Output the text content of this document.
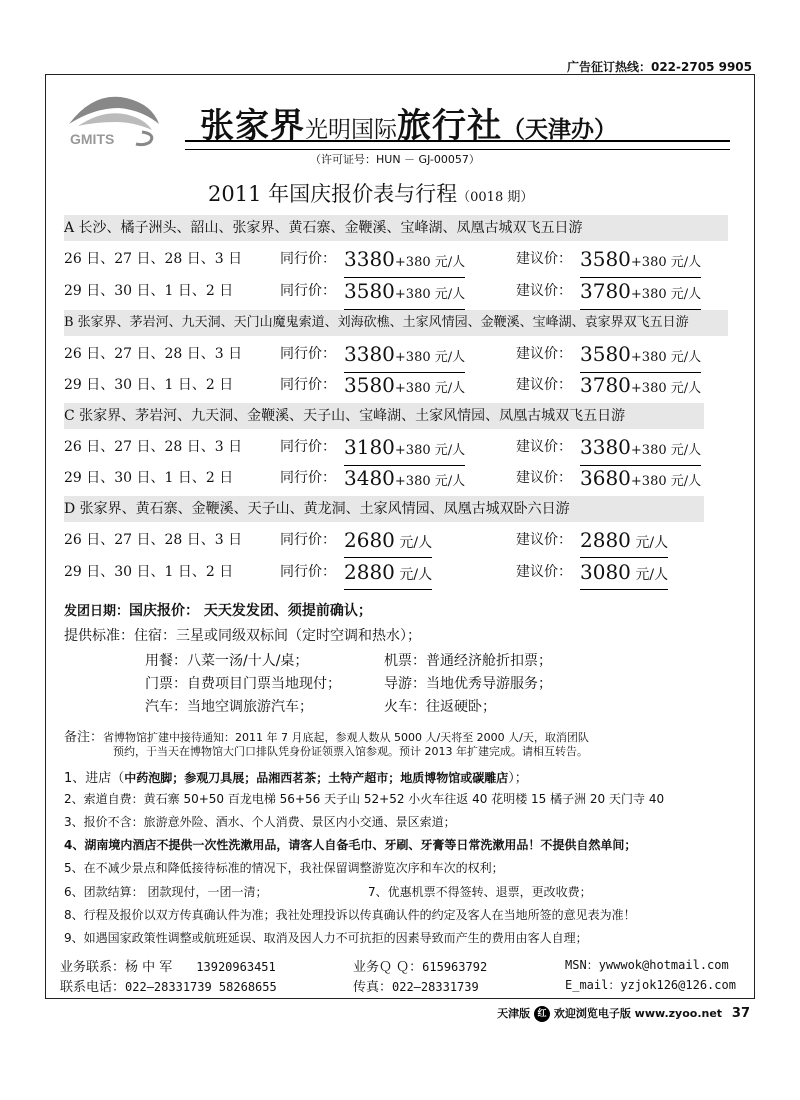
广告征订热线：022-2705 9905
GMITS	张家界光明国际旅行社（天津办）
（许可证号：HUN － GJ-00057）
2011 年国庆报价表与行程（0018 期）
A 长沙、橘子洲头、韶山、张家界、黄石寨、金鞭溪、宝峰湖、凤凰古城双飞五日游
26 日、27 日、28 日、3 日	同行价： 3380+380 元/人	建议价： 3580+380 元/人
29 日、30 日、1 日、2 日	同行价： 3580+380 元/人	建议价： 3780+380 元/人
B 张家界、茅岩河、九天洞、天门山魔鬼索道、刘海砍樵、土家风情园、金鞭溪、宝峰湖、袁家界双飞五日游
26 日、27 日、28 日、3 日	同行价： 3380+380 元/人	建议价： 3580+380 元/人
29 日、30 日、1 日、2 日	同行价： 3580+380 元/人	建议价： 3780+380 元/人
C 张家界、茅岩河、九天洞、金鞭溪、天子山、宝峰湖、土家风情园、凤凰古城双飞五日游
26 日、27 日、28 日、3 日	同行价： 3180+380 元/人	建议价： 3380+380 元/人
29 日、30 日、1 日、2 日	同行价： 3480+380 元/人	建议价： 3680+380 元/人
D 张家界、黄石寨、金鞭溪、天子山、黄龙洞、土家风情园、凤凰古城双卧六日游
26 日、27 日、28 日、3 日	同行价： 2680 元/人	建议价： 2880 元/人
29 日、30 日、1 日、2 日	同行价： 2880 元/人	建议价： 3080 元/人
发团日期：国庆报价： 天天发发团、须提前确认；
提供标准：住宿：三星或同级双标间（定时空调和热水）；
用餐：八菜一汤/十人/桌；	机票：普通经济舱折扣票；
门票：自费项目门票当地现付；	导游：当地优秀导游服务；
汽车：当地空调旅游汽车；	火车：往返硬卧；
备注：省博物馆扩建中接待通知：2011 年 7 月底起，参观人数从 5000 人/天将至 2000 人/天，取消团队
预约，于当天在博物馆大门口排队凭身份证领票入馆参观。预计 2013 年扩建完成。请相互转告。
1、进店（中药泡脚；参观刀具展；品湘西茗茶；土特产超市；地质博物馆或碳雕店）；
2、索道自费：黄石寨 50+50 百龙电梯 56+56 天子山 52+52 小火车往返 40 花明楼 15 橘子洲 20 天门寺 40
3、报价不含：旅游意外险、酒水、个人消费、景区内小交通、景区索道；
4、湖南境内酒店不提供一次性洗漱用品，请客人自备毛巾、牙刷、牙膏等日常洗漱用品！不提供自然单间；
5、在不减少景点和降低接待标准的情况下，我社保留调整游览次序和车次的权利；
6、团款结算： 团款现付，一团一清；	7、优惠机票不得签转、退票，更改收费；
8、行程及报价以双方传真确认件为准；我社处理投诉以传真确认件的约定及客人在当地所签的意见表为准！
9、如遇国家政策性调整或航班延误、取消及因人力不可抗拒的因素导致而产生的费用由客人自理；
业务联系：杨 中 军 13920963451	业务Ｑ Ｑ：615963792	MSN：ywwwok@hotmail.com
联系电话：022—28331739 58268655	传真：022—28331739	E_mail：yzjok126@126.com
天津版 红 欢迎浏览电子版 www.zyoo.net 37
